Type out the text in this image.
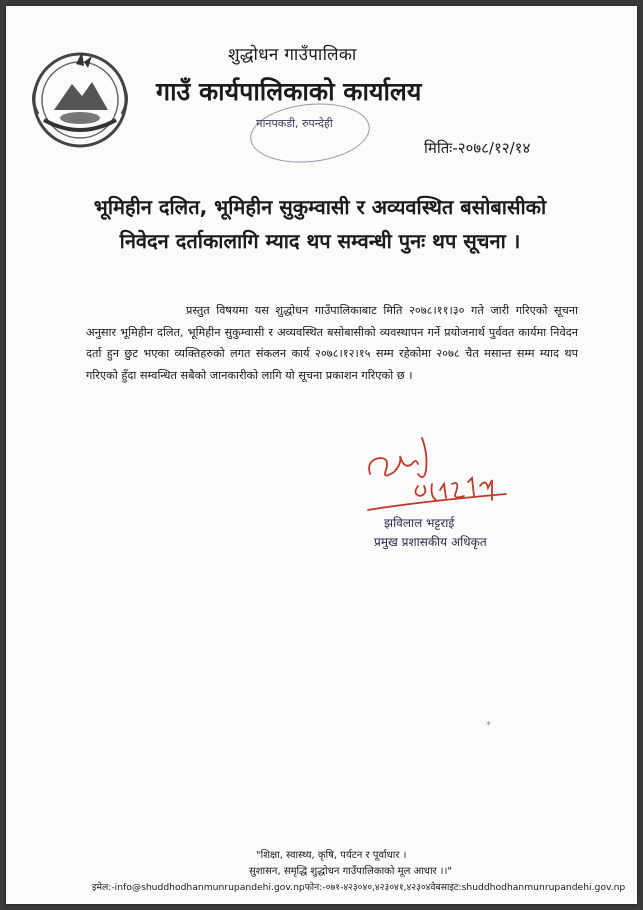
शुद्धोधन गाउँपालिका
गाउँ कार्यपालिकाको कार्यालय
मानपकडी, रुपन्देही
मितिः-२०७८/१२/१४
भूमिहीन दलित, भूमिहीन सुकुम्वासी र अव्यवस्थित बसोबासीको निवेदन दर्ताकालागि म्याद थप सम्वन्धी पुनः थप सूचना ।
प्रस्तुत विषयमा यस शुद्धोधन गाउँपालिकाबाट मिति २०७८।११।३० गते जारी गरिएको सूचना अनुसार भूमिहीन दलित, भूमिहीन सुकुम्वासी र अव्यवस्थित बसोबासीको व्यवस्थापन गर्ने प्रयोजनार्थ पुर्ववत कार्यमा निवेदन दर्ता हुन छुट भएका व्यक्तिहरुको लगत संकलन कार्य २०७८।१२।१५ सम्म रहेकोमा २०७८ चैत मसान्त सम्म म्याद थप गरिएको हुँदा सम्वन्धित सबैको जानकारीको लागि यो सूचना प्रकाशन गरिएको छ ।
झविलाल भट्टराई
प्रमुख प्रशासकीय अधिकृत
*
"शिक्षा, स्वास्थ्य, कृषि, पर्यटन र पूर्वाधार ।
सुशासन, समृद्धि शुद्धोधन गाउँपालिकाको मूल आधार ।।"
इमेल:-info@shuddhodhanmunrupandehi.gov.npफोन:-०७१-४२३०४०,४२३०४१,४२३०४वेबसाइट:shuddhodhanmunrupandehi.gov.np
